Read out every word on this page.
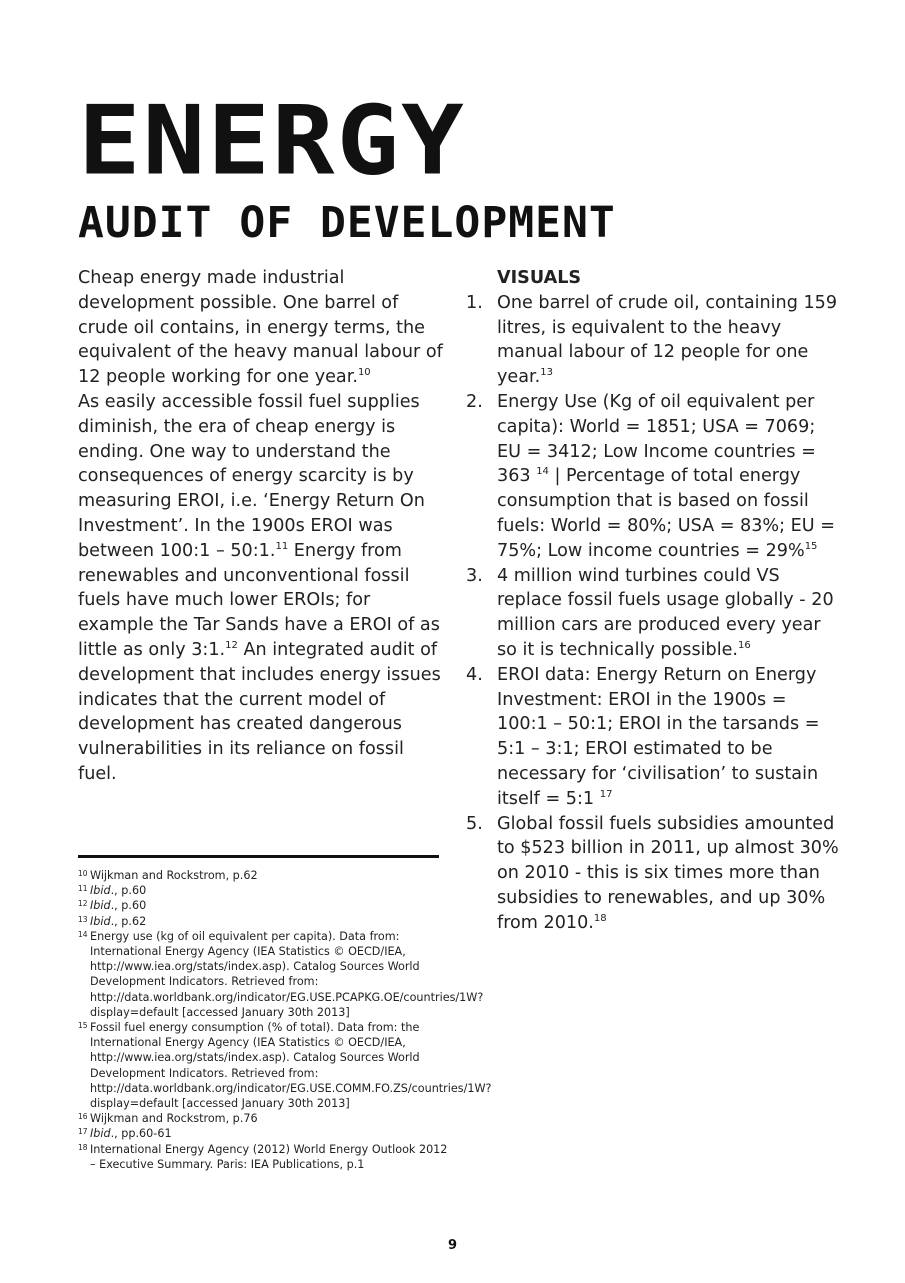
ENERGY
AUDIT OF DEVELOPMENT

Cheap energy made industrial development possible. One barrel of crude oil contains, in energy terms, the equivalent of the heavy manual labour of 12 people working for one year.$^{10}$

As easily accessible fossil fuel supplies diminish, the era of cheap energy is ending. One way to understand the consequences of energy scarcity is by measuring EROI, i.e. ‘Energy Return On Investment’. In the 1900s EROI was between 100:1 – 50:1.11 Energy from renewables and unconventional fossil fuels have much lower EROIs; for example the Tar Sands have a EROI of as little as only 3:1.12 An integrated audit of development that includes energy issues indicates that the current model of development has created dangerous vulnerabilities in its reliance on fossil fuel.

VISUALS

1. One barrel of crude oil, containing 159 litres, is equivalent to the heavy manual labour of 12 people for one year.$^{13}$
2. Energy Use (Kg of oil equivalent per capita): World = 1851; USA = 7069; EU = 3412; Low Income countries = 363 $^{14}$ | Percentage of total energy consumption that is based on fossil fuels: World = 80%; USA = 83%; EU = 75%; Low income countries = 29%$^{15}$
3. 4 million wind turbines could VS replace fossil fuels usage globally - 20 million cars are produced every year so it is technically possible.$^{16}$
4. EROI data: Energy Return on Energy Investment: EROI in the 1900s = 100:1 – 50:1; EROI in the tarsands = 5:1 – 3:1; EROI estimated to be necessary for ‘civilisation’ to sustain itself = 5:1 $^{17}$
5. Global fossil fuels subsidies amounted to $523 billion in 2011, up almost 30% on 2010 - this is six times more than subsidies to renewables, and up 30% from 2010.18
10 Wijkman and Rockstrom, p.62
11 Ibid., p.60
12 Ibid., p.60
13 Ibid., p.62
14 Energy use (kg of oil equivalent per capita). Data from: International Energy Agency (IEA Statistics © OECD/IEA, http://www.iea.org/stats/index.asp). Catalog Sources World Development Indicators. Retrieved from: http://data.worldbank.org/indicator/EG.USE.PCAPKG.OE/countries/1W?display=default [accessed January 30th 2013]
15 Fossil fuel energy consumption (% of total). Data from: the International Energy Agency (IEA Statistics © OECD/IEA, http://www.iea.org/stats/index.asp). Catalog Sources World Development Indicators. Retrieved from: http://data.worldbank.org/indicator/EG.USE.COMM.FO.ZS/countries/1W?display=default [accessed January 30th 2013]
16 Wijkman and Rockstrom, p.76
17 Ibid., pp.60-61
18 International Energy Agency (2012) World Energy Outlook 2012 – Executive Summary. Paris: IEA Publications, p.1
9
